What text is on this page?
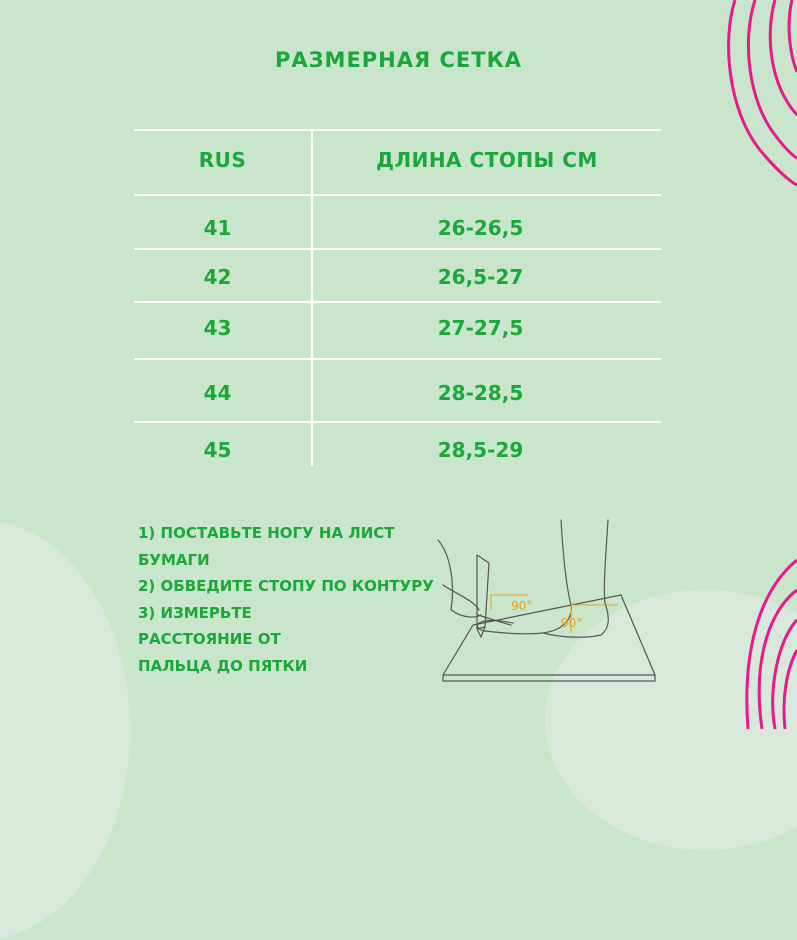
РАЗМЕРНАЯ СЕТКА
RUS	ДЛИНА СТОПЫ СМ
41	26-26,5
42	26,5-27
43	27-27,5
44	28-28,5
45	28,5-29
1) ПОСТАВЬТЕ НОГУ НА ЛИСТ
БУМАГИ
2) ОБВЕДИТЕ СТОПУ ПО КОНТУРУ
3) ИЗМЕРЬТЕ
РАССТОЯНИЕ ОТ
ПАЛЬЦА ДО ПЯТКИ
90°
90°
